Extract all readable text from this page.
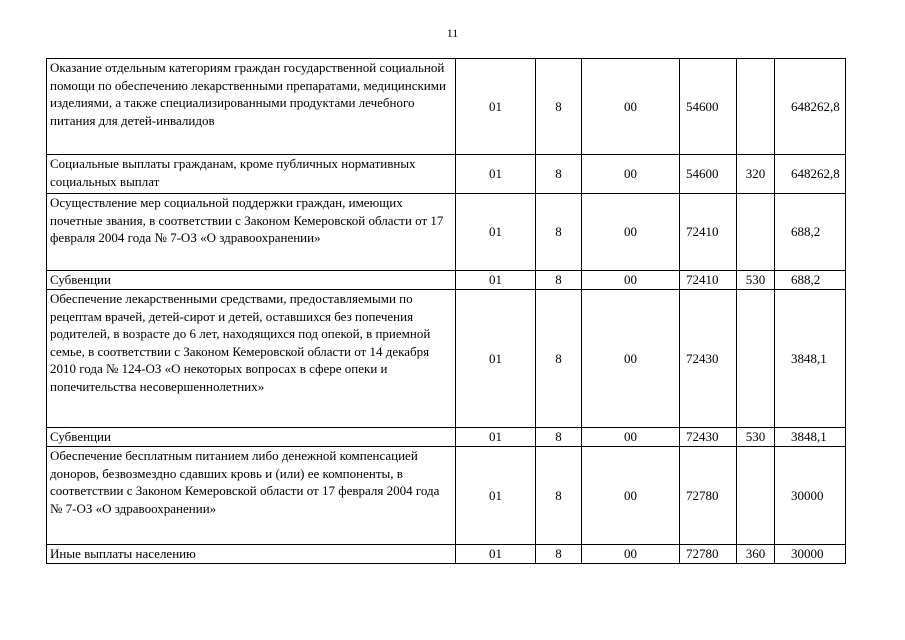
11
Оказание отдельным категориям граждан государственной социальной помощи по обеспечению лекарственными препаратами, медицинскими изделиями, а также специализированными продуктами лечебного питания для детей-инвалидов	01	8	00	54600		648262,8
Социальные выплаты гражданам, кроме публичных нормативных социальных выплат	01	8	00	54600	320	648262,8
Осуществление мер социальной поддержки граждан, имеющих почетные звания, в соответствии с Законом Кемеровской области от 17 февраля 2004 года № 7-ОЗ «О здравоохранении»	01	8	00	72410		688,2
Субвенции	01	8	00	72410	530	688,2
Обеспечение лекарственными средствами, предоставляемыми по рецептам врачей, детей-сирот и детей, оставшихся без попечения родителей, в возрасте до 6 лет, находящихся под опекой, в приемной семье, в соответствии с Законом Кемеровской области от 14 декабря 2010 года № 124-ОЗ «О некоторых вопросах в сфере опеки и попечительства несовершеннолетних»	01	8	00	72430		3848,1
Субвенции	01	8	00	72430	530	3848,1
Обеспечение бесплатным питанием либо денежной компенсацией доноров, безвозмездно сдавших кровь и (или) ее компоненты, в соответствии с Законом Кемеровской области от 17 февраля 2004 года № 7-ОЗ «О здравоохранении»	01	8	00	72780		30000
Иные выплаты населению	01	8	00	72780	360	30000
